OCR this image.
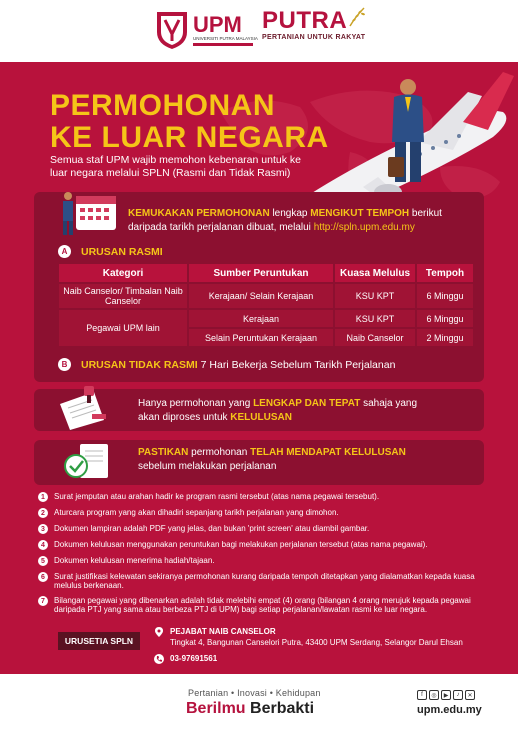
UPM
UNIVERSITI PUTRA MALAYSIA
PUTRA
PERTANIAN UNTUK RAKYAT
PERMOHONAN
KE LUAR NEGARA
Semua staf UPM wajib memohon kebenaran untuk ke luar negara melalui SPLN (Rasmi dan Tidak Rasmi)
KEMUKAKAN PERMOHONAN lengkap MENGIKUT TEMPOH berikut daripada tarikh perjalanan dibuat, melalui http://spln.upm.edu.my
A	URUSAN RASMI
Kategori	Sumber Peruntukan	Kuasa Melulus	Tempoh
Naib Canselor/ Timbalan Naib Canselor	Kerajaan/ Selain Kerajaan	KSU KPT	6 Minggu
Pegawai UPM lain	Kerajaan	KSU KPT	6 Minggu
	Selain Peruntukan Kerajaan	Naib Canselor	2 Minggu
B	URUSAN TIDAK RASMI 7 Hari Bekerja Sebelum Tarikh Perjalanan
Hanya permohonan yang LENGKAP DAN TEPAT sahaja yang akan diproses untuk KELULUSAN
PASTIKAN permohonan TELAH MENDAPAT KELULUSAN sebelum melakukan perjalanan
1	Surat jemputan atau arahan hadir ke program rasmi tersebut (atas nama pegawai tersebut).
2	Aturcara program yang akan dihadiri sepanjang tarikh perjalanan yang dimohon.
3	Dokumen lampiran adalah PDF yang jelas, dan bukan 'print screen' atau diambil gambar.
4	Dokumen kelulusan menggunakan peruntukan bagi melakukan perjalanan tersebut (atas nama pegawai).
5	Dokumen kelulusan menerima hadiah/tajaan.
6	Surat justifikasi kelewatan sekiranya permohonan kurang daripada tempoh ditetapkan yang dialamatkan kepada kuasa melulus berkenaan.
7	Bilangan pegawai yang dibenarkan adalah tidak melebihi empat (4) orang (bilangan 4 orang merujuk kepada pegawai daripada PTJ yang sama atau berbeza PTJ di UPM) bagi setiap perjalanan/lawatan rasmi ke luar negara.
URUSETIA SPLN
PEJABAT NAIB CANSELOR
Tingkat 4, Bangunan Canselori Putra, 43400 UPM Serdang, Selangor Darul Ehsan
03-97691561
Pertanian • Inovasi • Kehidupan
Berilmu Berbakti
f	◎	▶	♪	✕
upm.edu.my
